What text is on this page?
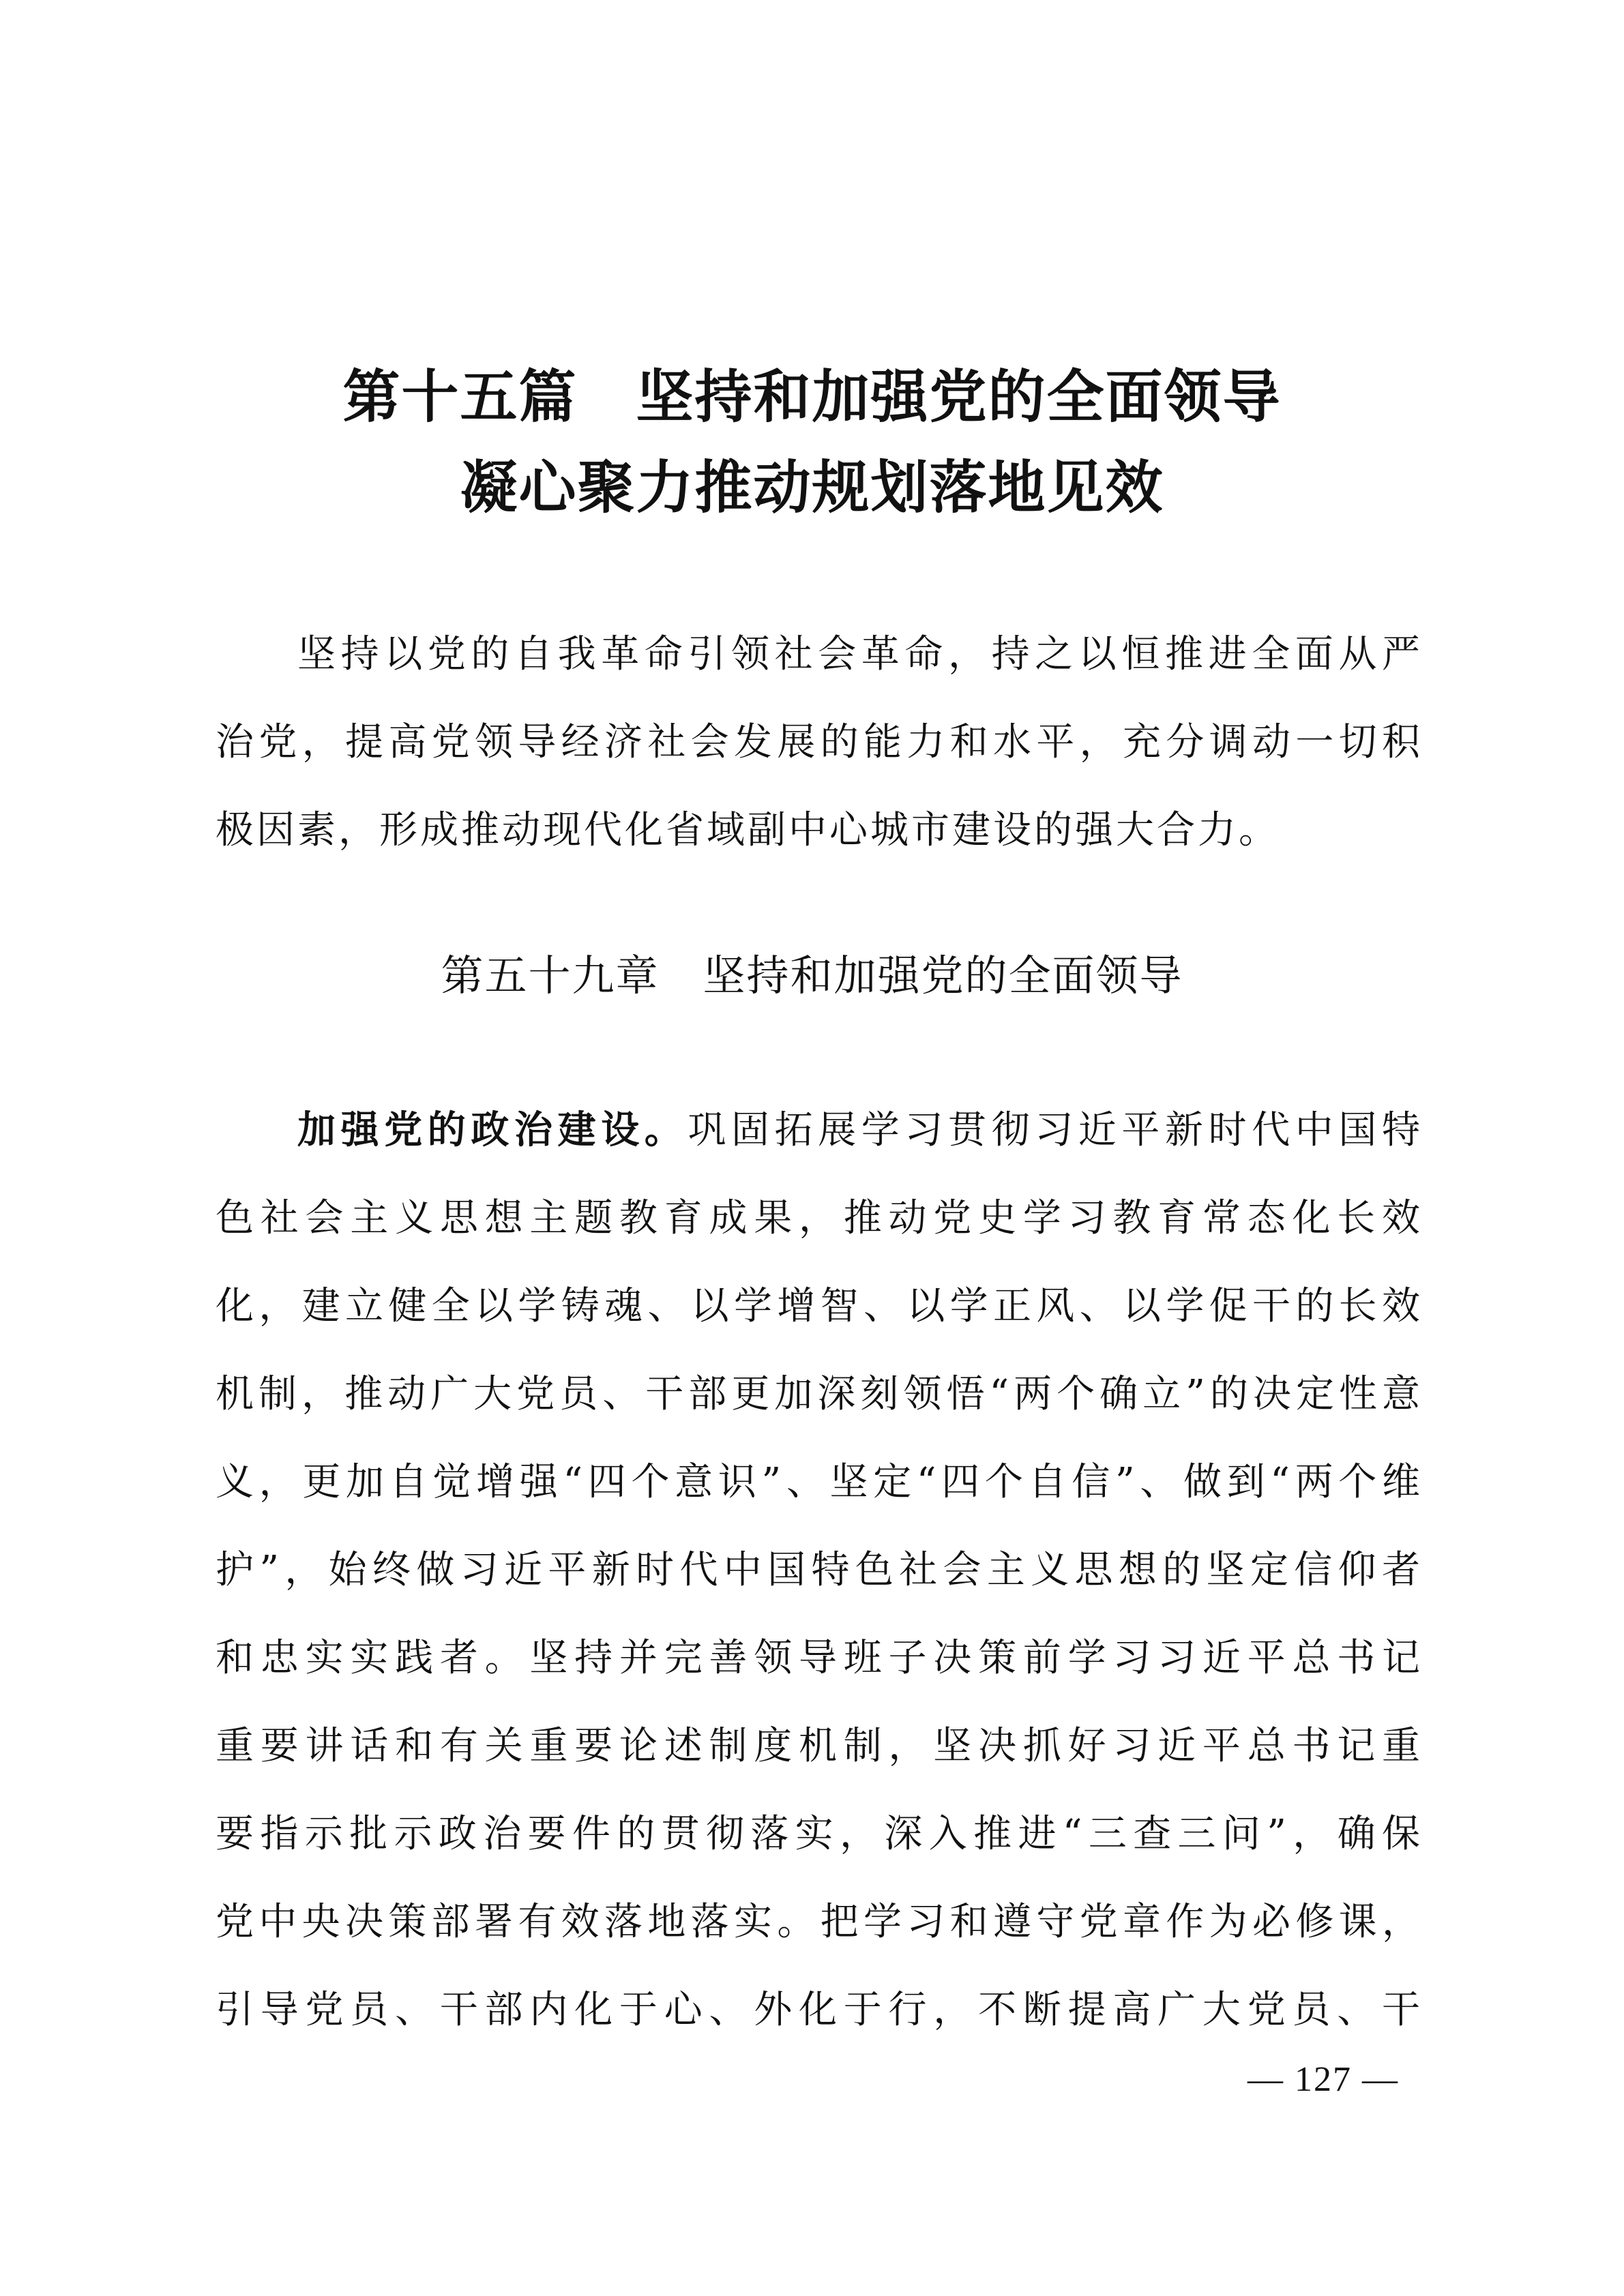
第十五篇　坚持和加强党的全面领导
凝心聚力推动规划落地见效
坚持以党的自我革命引领社会革命，持之以恒推进全面从严
治党，提高党领导经济社会发展的能力和水平，充分调动一切积
极因素，形成推动现代化省域副中心城市建设的强大合力。
第五十九章　坚持和加强党的全面领导
加强党的政治建设。巩固拓展学习贯彻习近平新时代中国特
色社会主义思想主题教育成果，推动党史学习教育常态化长效
化，建立健全以学铸魂、以学增智、以学正风、以学促干的长效
机制，推动广大党员、干部更加深刻领悟“两个确立”的决定性意
义，更加自觉增强“四个意识”、坚定“四个自信”、做到“两个维
护”，始终做习近平新时代中国特色社会主义思想的坚定信仰者
和忠实实践者。坚持并完善领导班子决策前学习习近平总书记
重要讲话和有关重要论述制度机制，坚决抓好习近平总书记重
要指示批示政治要件的贯彻落实，深入推进“三查三问”，确保
党中央决策部署有效落地落实。把学习和遵守党章作为必修课，
引导党员、干部内化于心、外化于行，不断提高广大党员、干
— 127 —
